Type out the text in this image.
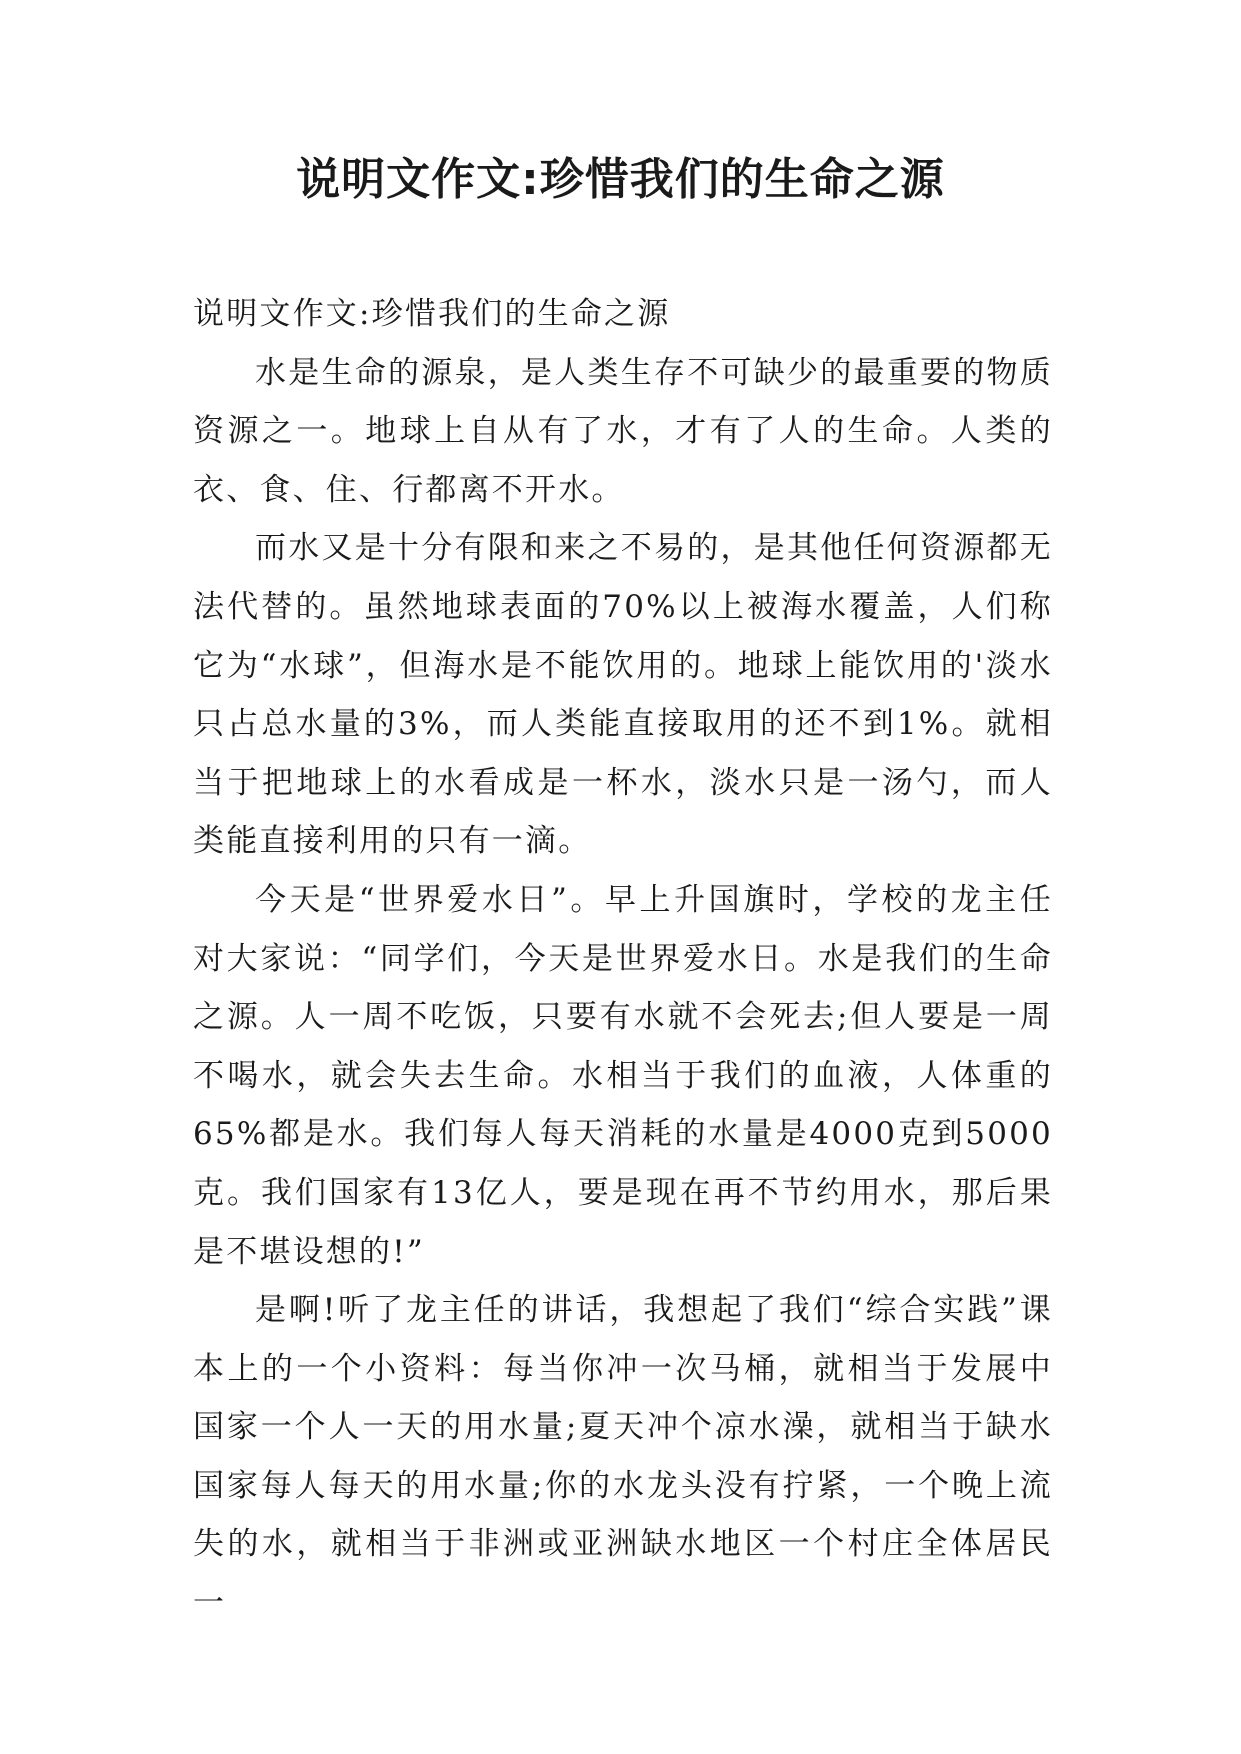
说明文作文:珍惜我们的生命之源

说明文作文:珍惜我们的生命之源

水是生命的源泉，是人类生存不可缺少的最重要的物质资源之一。地球上自从有了水，才有了人的生命。人类的衣、食、住、行都离不开水。

而水又是十分有限和来之不易的，是其他任何资源都无法代替的。虽然地球表面的70%以上被海水覆盖，人们称它为“水球”，但海水是不能饮用的。地球上能饮用的'淡水只占总水量的3%，而人类能直接取用的还不到1%。就相当于把地球上的水看成是一杯水，淡水只是一汤勺，而人类能直接利用的只有一滴。

今天是“世界爱水日”。早上升国旗时，学校的龙主任对大家说：“同学们，今天是世界爱水日。水是我们的生命之源。人一周不吃饭，只要有水就不会死去;但人要是一周不喝水，就会失去生命。水相当于我们的血液，人体重的65%都是水。我们每人每天消耗的水量是4000克到5000克。我们国家有13亿人，要是现在再不节约用水，那后果是不堪设想的!”

是啊!听了龙主任的讲话，我想起了我们“综合实践”课本上的一个小资料：每当你冲一次马桶，就相当于发展中国家一个人一天的用水量;夏天冲个凉水澡，就相当于缺水国家每人每天的用水量;你的水龙头没有拧紧，一个晚上流失的水，就相当于非洲或亚洲缺水地区一个村庄全体居民一
